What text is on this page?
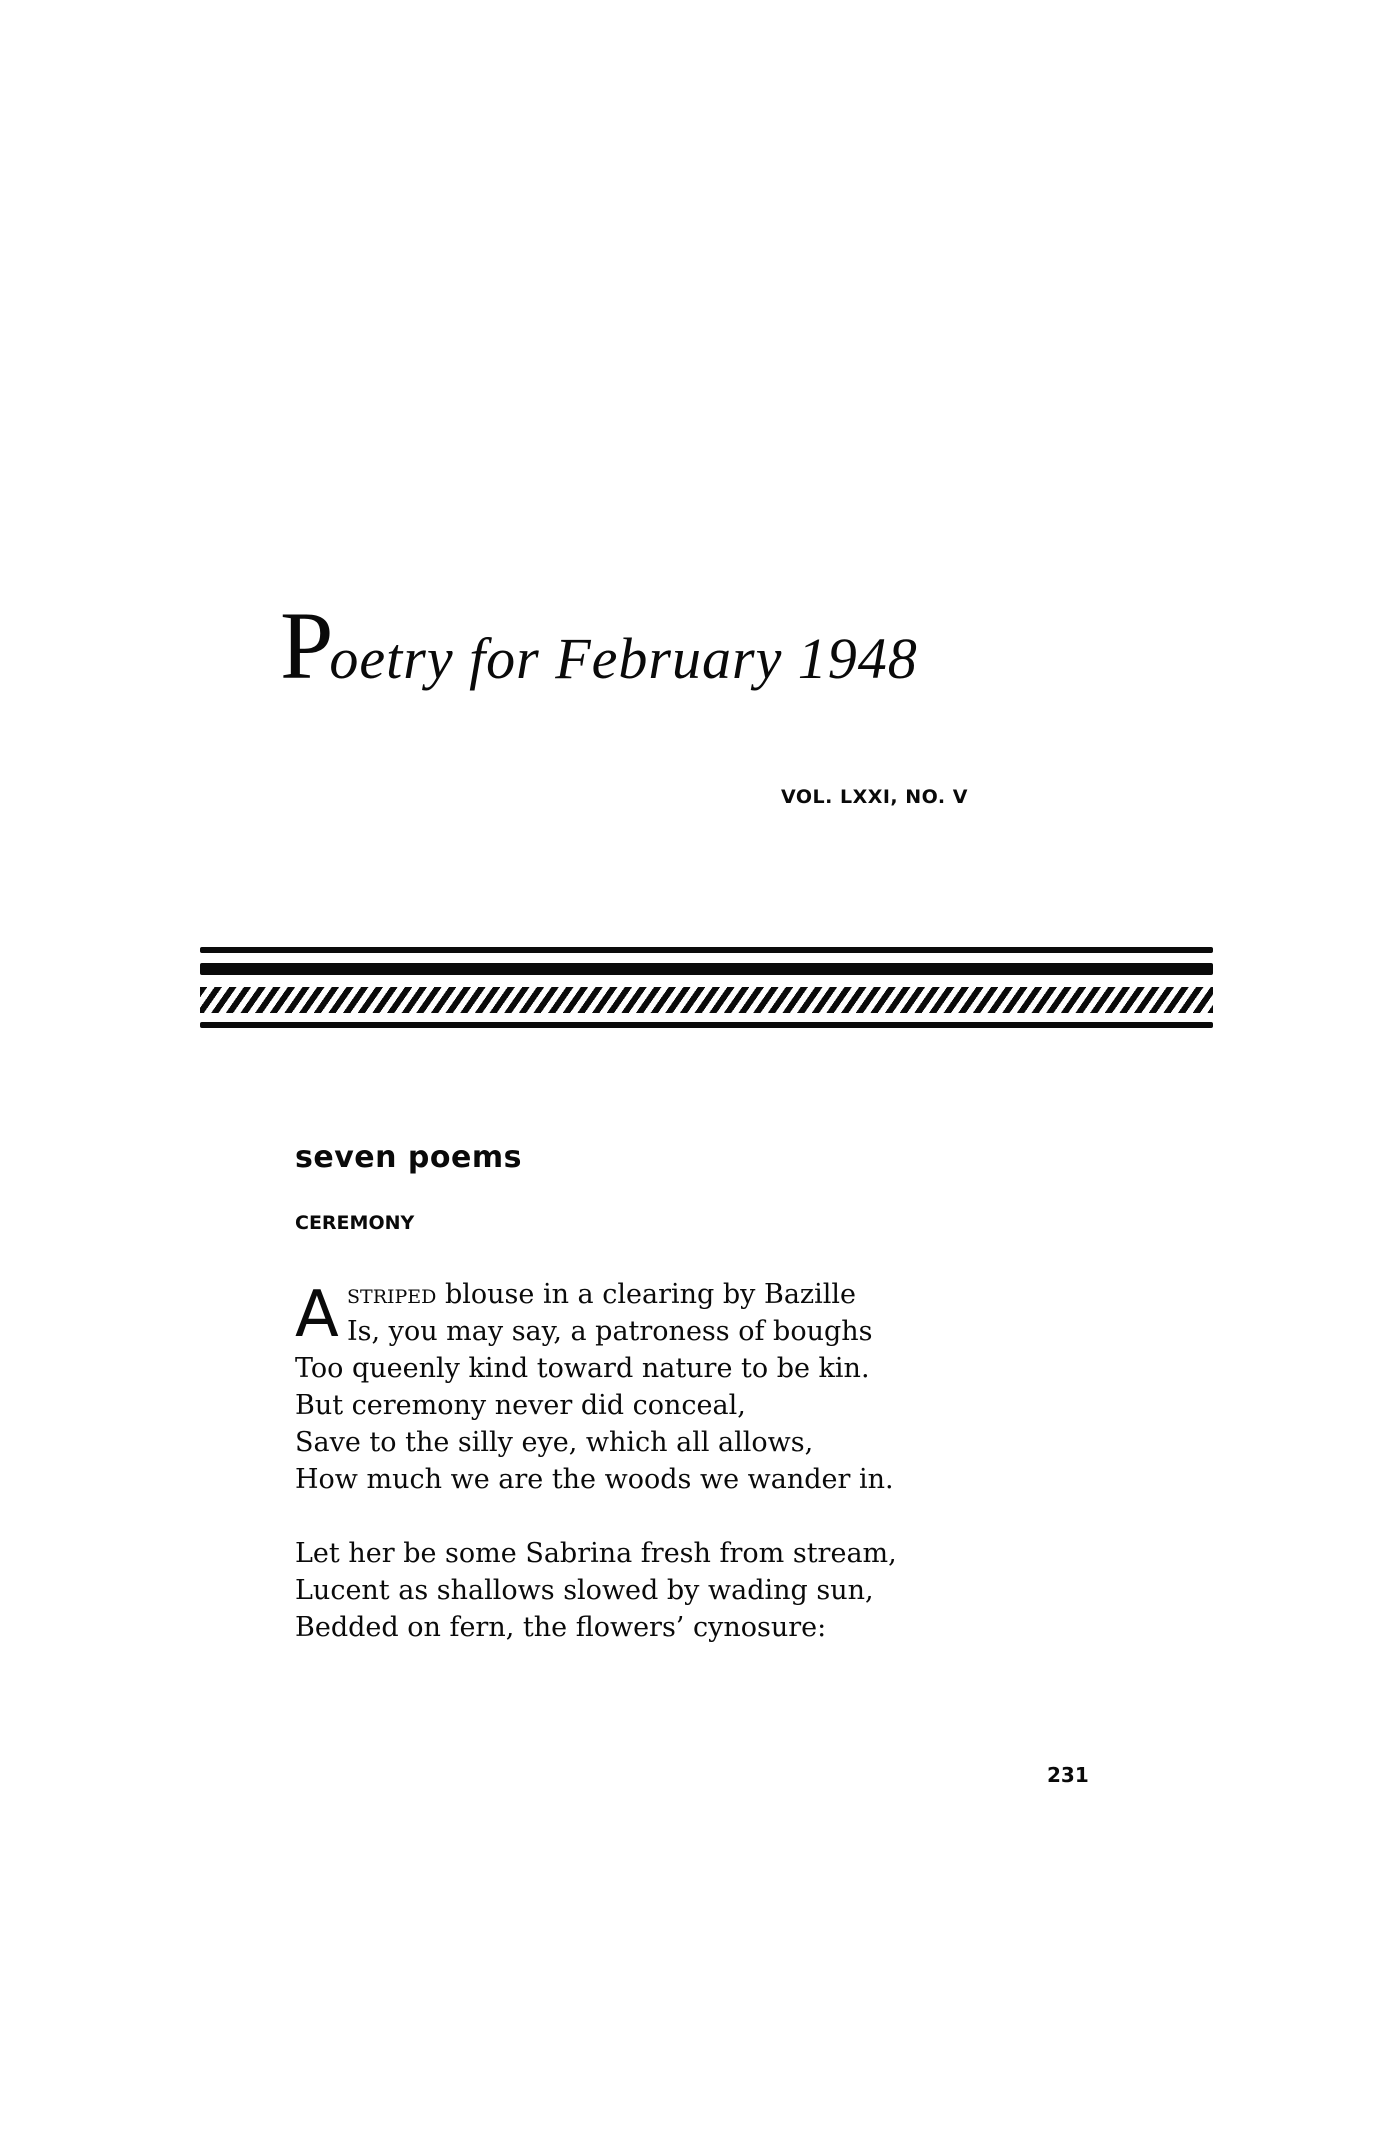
Poetry for February 1948
VOL. LXXI, NO. V
seven poems
CEREMONY
A striped blouse in a clearing by Bazille
Is, you may say, a patroness of boughs
Too queenly kind toward nature to be kin.
But ceremony never did conceal,
Save to the silly eye, which all allows,
How much we are the woods we wander in.
Let her be some Sabrina fresh from stream,
Lucent as shallows slowed by wading sun,
Bedded on fern, the flowers’ cynosure:
231
